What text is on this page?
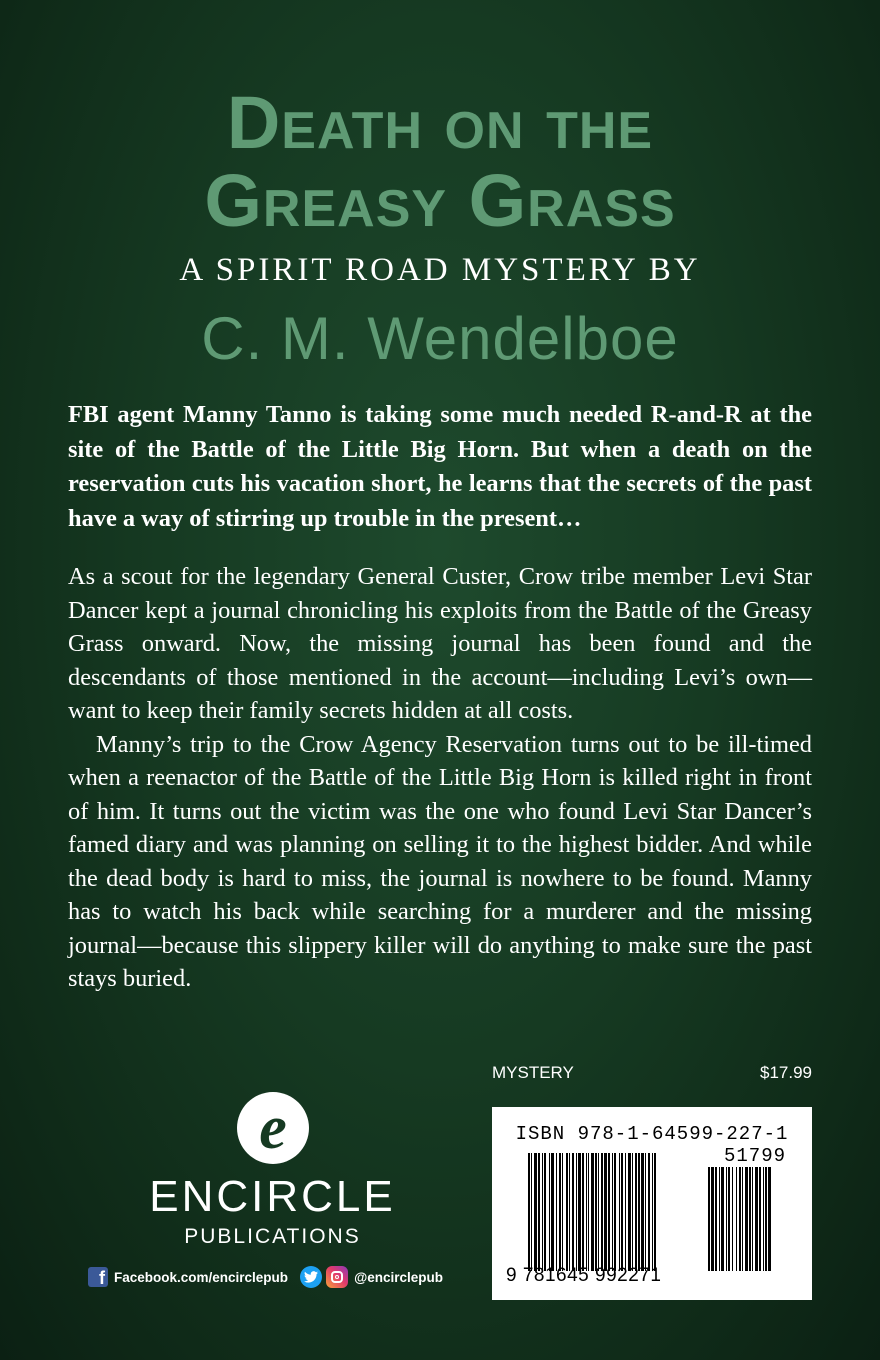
Death on the
Greasy Grass
A SPIRIT ROAD MYSTERY BY
C. M. Wendelboe

FBI agent Manny Tanno is taking some much needed R-and-R at the site of the Battle of the Little Big Horn. But when a death on the reservation cuts his vacation short, he learns that the secrets of the past have a way of stirring up trouble in the present…

As a scout for the legendary General Custer, Crow tribe member Levi Star Dancer kept a journal chronicling his exploits from the Battle of the Greasy Grass onward. Now, the missing journal has been found and the descendants of those mentioned in the account—including Levi’s own—want to keep their family secrets hidden at all costs.

Manny’s trip to the Crow Agency Reservation turns out to be ill-timed when a reenactor of the Battle of the Little Big Horn is killed right in front of him. It turns out the victim was the one who found Levi Star Dancer’s famed diary and was planning on selling it to the highest bidder. And while the dead body is hard to miss, the journal is nowhere to be found. Manny has to watch his back while searching for a murderer and the missing journal—because this slippery killer will do anything to make sure the past stays buried.

MYSTERY	$17.99
ISBN 978-1-64599-227-1
51799
9 781645 992271
e
ENCIRCLE
PUBLICATIONS
f
Facebook.com/encirclepub	@encirclepub
